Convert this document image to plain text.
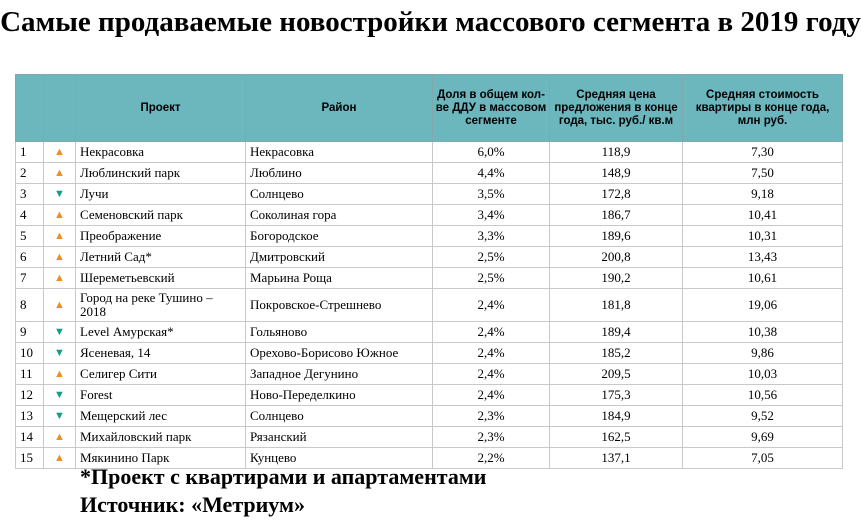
Самые продаваемые новостройки массового сегмента в 2019 году
		Проект	Район	Доля в общем кол-ве ДДУ в массовом сегменте	Средняя цена предложения в конце года, тыс. руб./ кв.м	Средняя стоимость квартиры в конце года, млн руб.
1	▲	Некрасовка	Некрасовка	6,0%	118,9	7,30
2	▲	Люблинский парк	Люблино	4,4%	148,9	7,50
3	▼	Лучи	Солнцево	3,5%	172,8	9,18
4	▲	Семеновский парк	Соколиная гора	3,4%	186,7	10,41
5	▲	Преображение	Богородское	3,3%	189,6	10,31
6	▲	Летний Сад*	Дмитровский	2,5%	200,8	13,43
7	▲	Шереметьевский	Марьина Роща	2,5%	190,2	10,61
8	▲	Город на реке Тушино – 2018	Покровское-Стрешнево	2,4%	181,8	19,06
9	▼	Level Амурская*	Гольяново	2,4%	189,4	10,38
10	▼	Ясеневая, 14	Орехово-Борисово Южное	2,4%	185,2	9,86
11	▲	Селигер Сити	Западное Дегунино	2,4%	209,5	10,03
12	▼	Forest	Ново-Переделкино	2,4%	175,3	10,56
13	▼	Мещерский лес	Солнцево	2,3%	184,9	9,52
14	▲	Михайловский парк	Рязанский	2,3%	162,5	9,69
15	▲	Мякинино Парк	Кунцево	2,2%	137,1	7,05
*Проект с квартирами и апартаментами
Источник: «Метриум»
